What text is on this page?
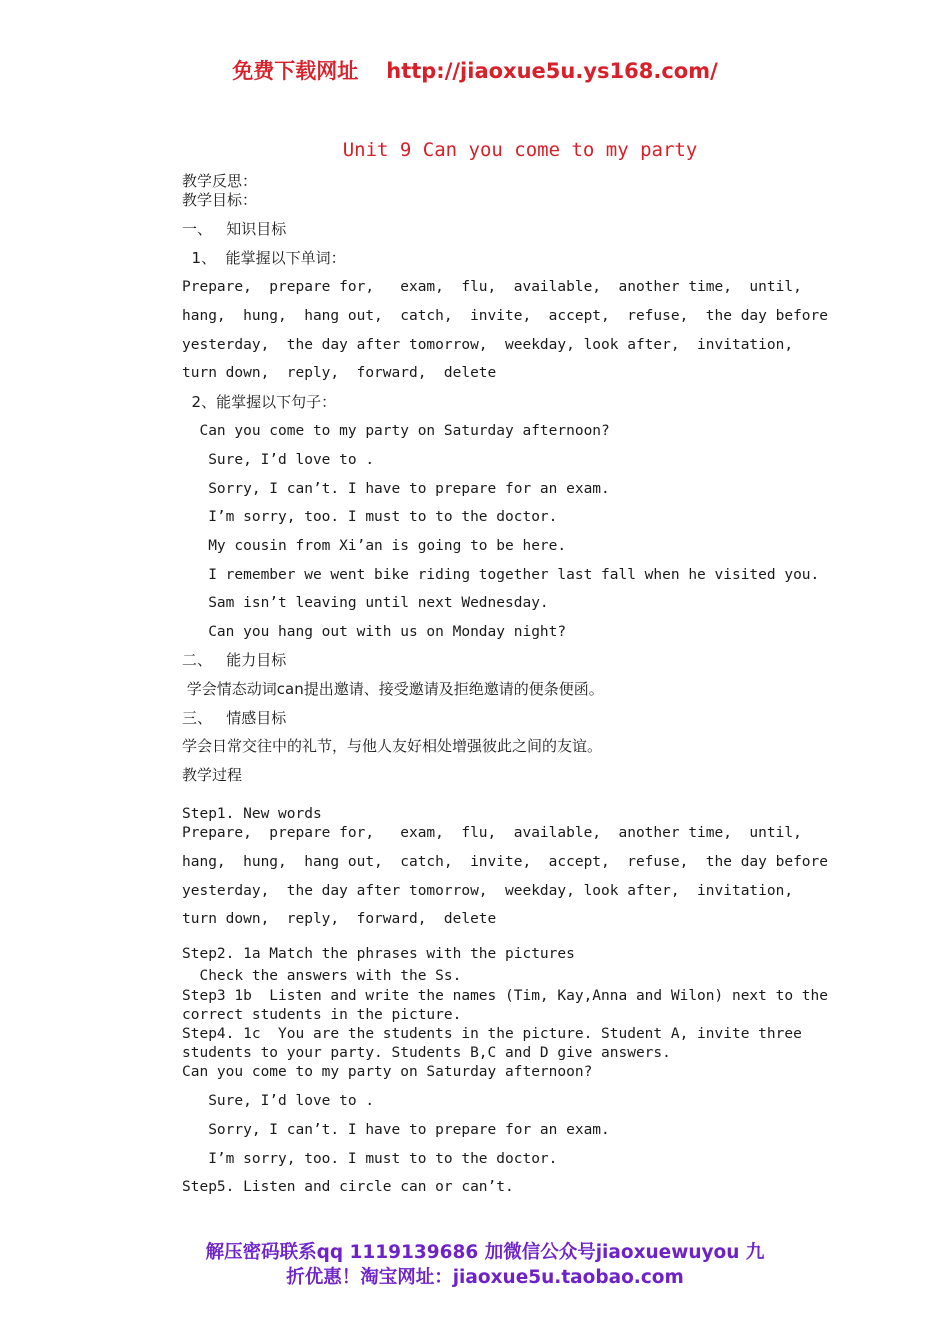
免费下载网址 http://jiaoxue5u.ys168.com/
Unit 9 Can you come to my party
教学反思：
教学目标：
一、   知识目标
1、  能掌握以下单词：
Prepare,  prepare for,   exam,  flu,  available,  another time,  until,
hang,  hung,  hang out,  catch,  invite,  accept,  refuse,  the day before
yesterday,  the day after tomorrow,  weekday, look after,  invitation,
turn down,  reply,  forward,  delete
2、能掌握以下句子：
Can you come to my party on Saturday afternoon?
Sure, I’d love to .
Sorry, I can’t. I have to prepare for an exam.
I’m sorry, too. I must to to the doctor.
My cousin from Xi’an is going to be here.
I remember we went bike riding together last fall when he visited you.
Sam isn’t leaving until next Wednesday.
Can you hang out with us on Monday night?
二、   能力目标
学会情态动词can提出邀请、接受邀请及拒绝邀请的便条便函。
三、   情感目标
学会日常交往中的礼节，与他人友好相处增强彼此之间的友谊。
教学过程
Step1. New words
Prepare,  prepare for,   exam,  flu,  available,  another time,  until,
hang,  hung,  hang out,  catch,  invite,  accept,  refuse,  the day before
yesterday,  the day after tomorrow,  weekday, look after,  invitation,
turn down,  reply,  forward,  delete
Step2. 1a Match the phrases with the pictures
Check the answers with the Ss.
Step3 1b  Listen and write the names (Tim, Kay,Anna and Wilon) next to the
correct students in the picture.
Step4. 1c  You are the students in the picture. Student A, invite three
students to your party. Students B,C and D give answers.
Can you come to my party on Saturday afternoon?
Sure, I’d love to .
Sorry, I can’t. I have to prepare for an exam.
I’m sorry, too. I must to to the doctor.
Step5. Listen and circle can or can’t.
解压密码联系qq 1119139686 加微信公众号jiaoxuewuyou 九
折优惠！淘宝网址：jiaoxue5u.taobao.com
